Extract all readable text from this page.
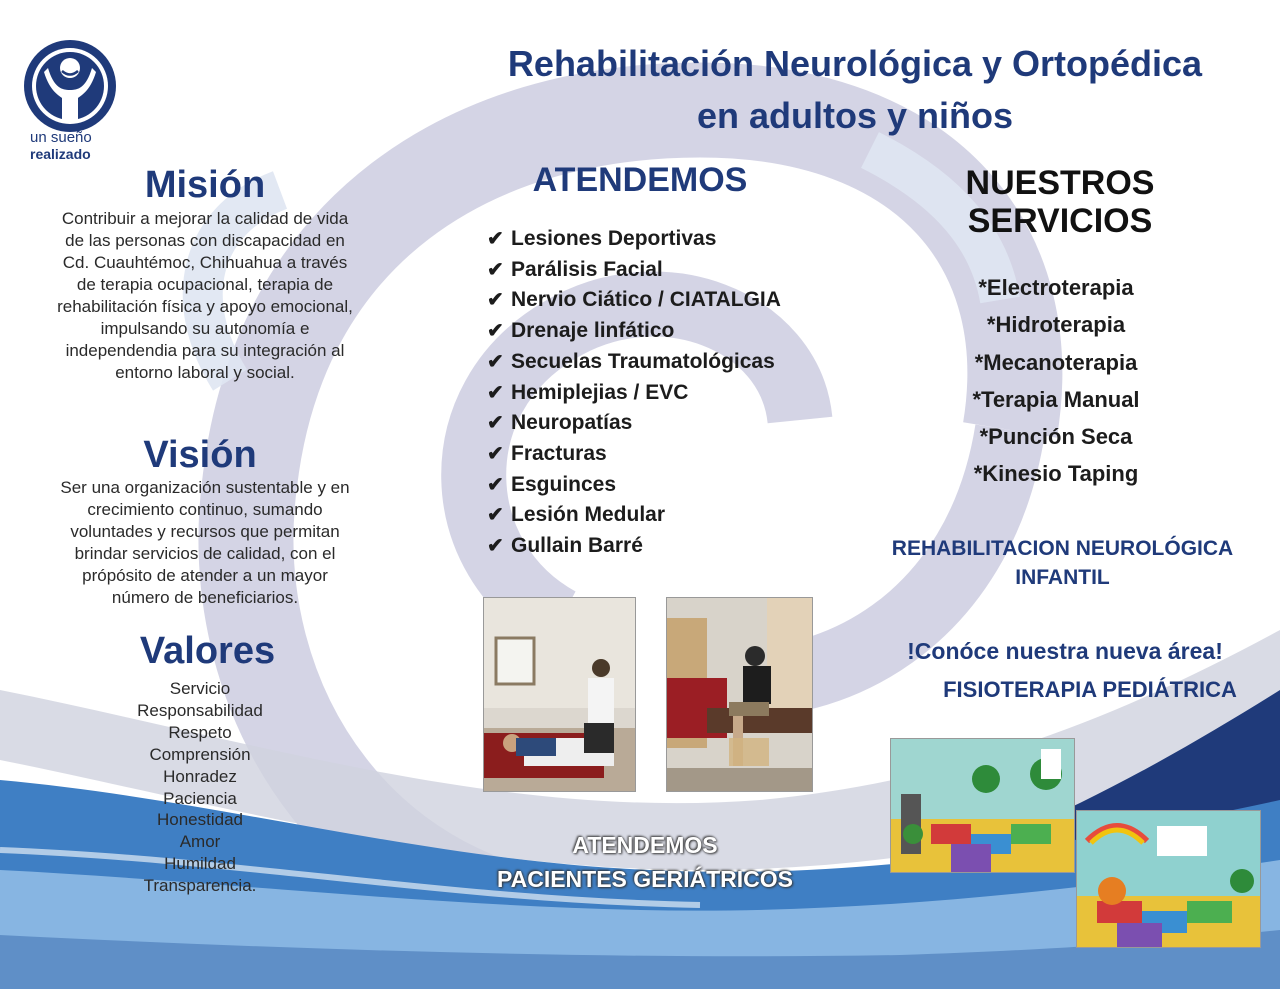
un sueño
realizado
Rehabilitación Neurológica y Ortopédica
en adultos y niños
Misión
Contribuir a mejorar la calidad de vida
de las personas con discapacidad en
Cd. Cuauhtémoc, Chihuahua a través
de terapia ocupacional, terapia de
rehabilitación física y apoyo emocional,
impulsando su autonomía e
independendia para su integración al
entorno laboral y social.
Visión
Ser una organización sustentable y en
crecimiento continuo, sumando
voluntades y recursos que permitan
brindar servicios de calidad, con el
própósito de atender a un mayor
número de beneficiarios.
Valores
Servicio
Responsabilidad
Respeto
Comprensión
Honradez
Paciencia
Honestidad
Amor
Humildad
Transparencia.
ATENDEMOS
✔ Lesiones Deportivas
✔ Parálisis Facial
✔ Nervio Ciático / CIATALGIA
✔ Drenaje linfático
✔ Secuelas Traumatológicas
✔ Hemiplejias / EVC
✔ Neuropatías
✔ Fracturas
✔ Esguinces
✔ Lesión Medular
✔ Gullain Barré
ATENDEMOS
PACIENTES GERIÁTRICOS
NUESTROS
SERVICIOS
*Electroterapia
*Hidroterapia
*Mecanoterapia
*Terapia Manual
*Punción Seca
*Kinesio Taping
REHABILITACION NEUROLÓGICA
INFANTIL
!Conóce nuestra nueva área!
FISIOTERAPIA PEDIÁTRICA
